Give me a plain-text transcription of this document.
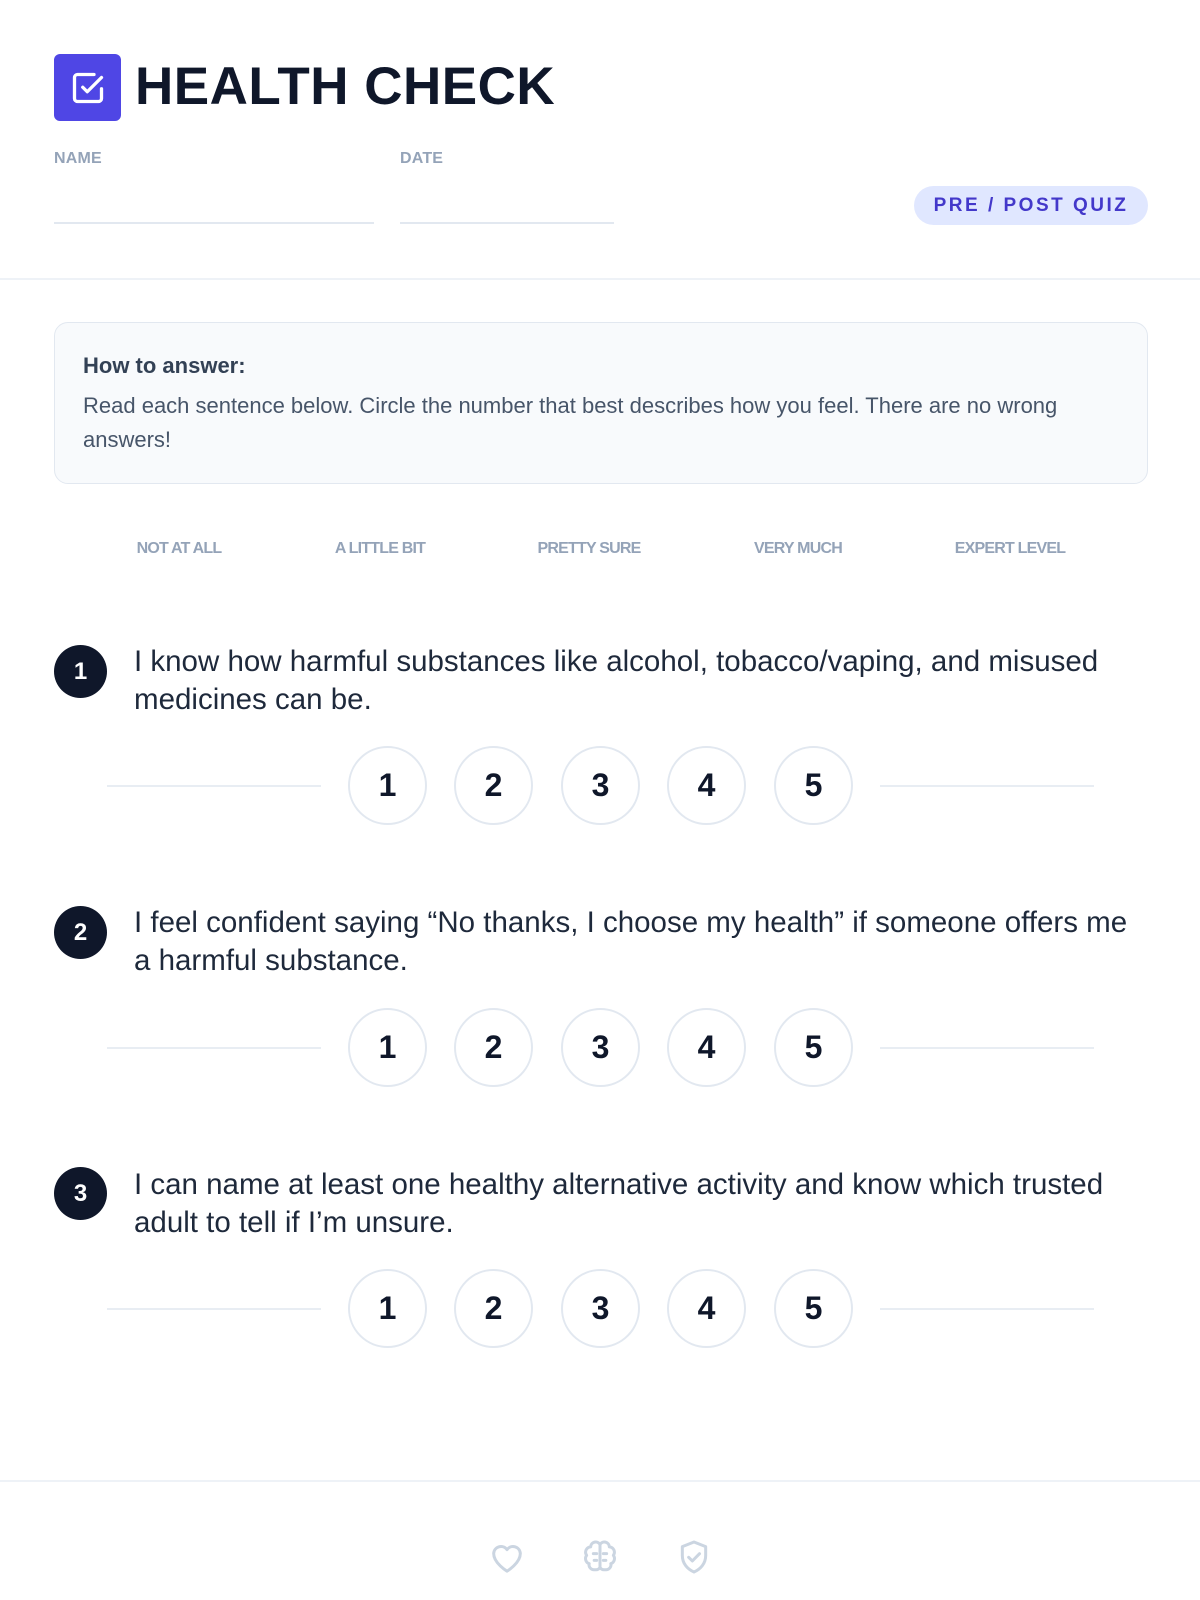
HEALTH CHECK
NAME	DATE
PRE / POST QUIZ
How to answer:
Read each sentence below. Circle the number that best describes how you feel. There are no wrong answers!
NOT AT ALL	A LITTLE BIT	PRETTY SURE	VERY MUCH	EXPERT LEVEL
1	I know how harmful substances like alcohol, tobacco/vaping, and misused medicines can be.
1	2	3	4	5
2	I feel confident saying “No thanks, I choose my health” if someone offers me a harmful substance.
1	2	3	4	5
3	I can name at least one healthy alternative activity and know which trusted adult to tell if I’m unsure.
1	2	3	4	5
